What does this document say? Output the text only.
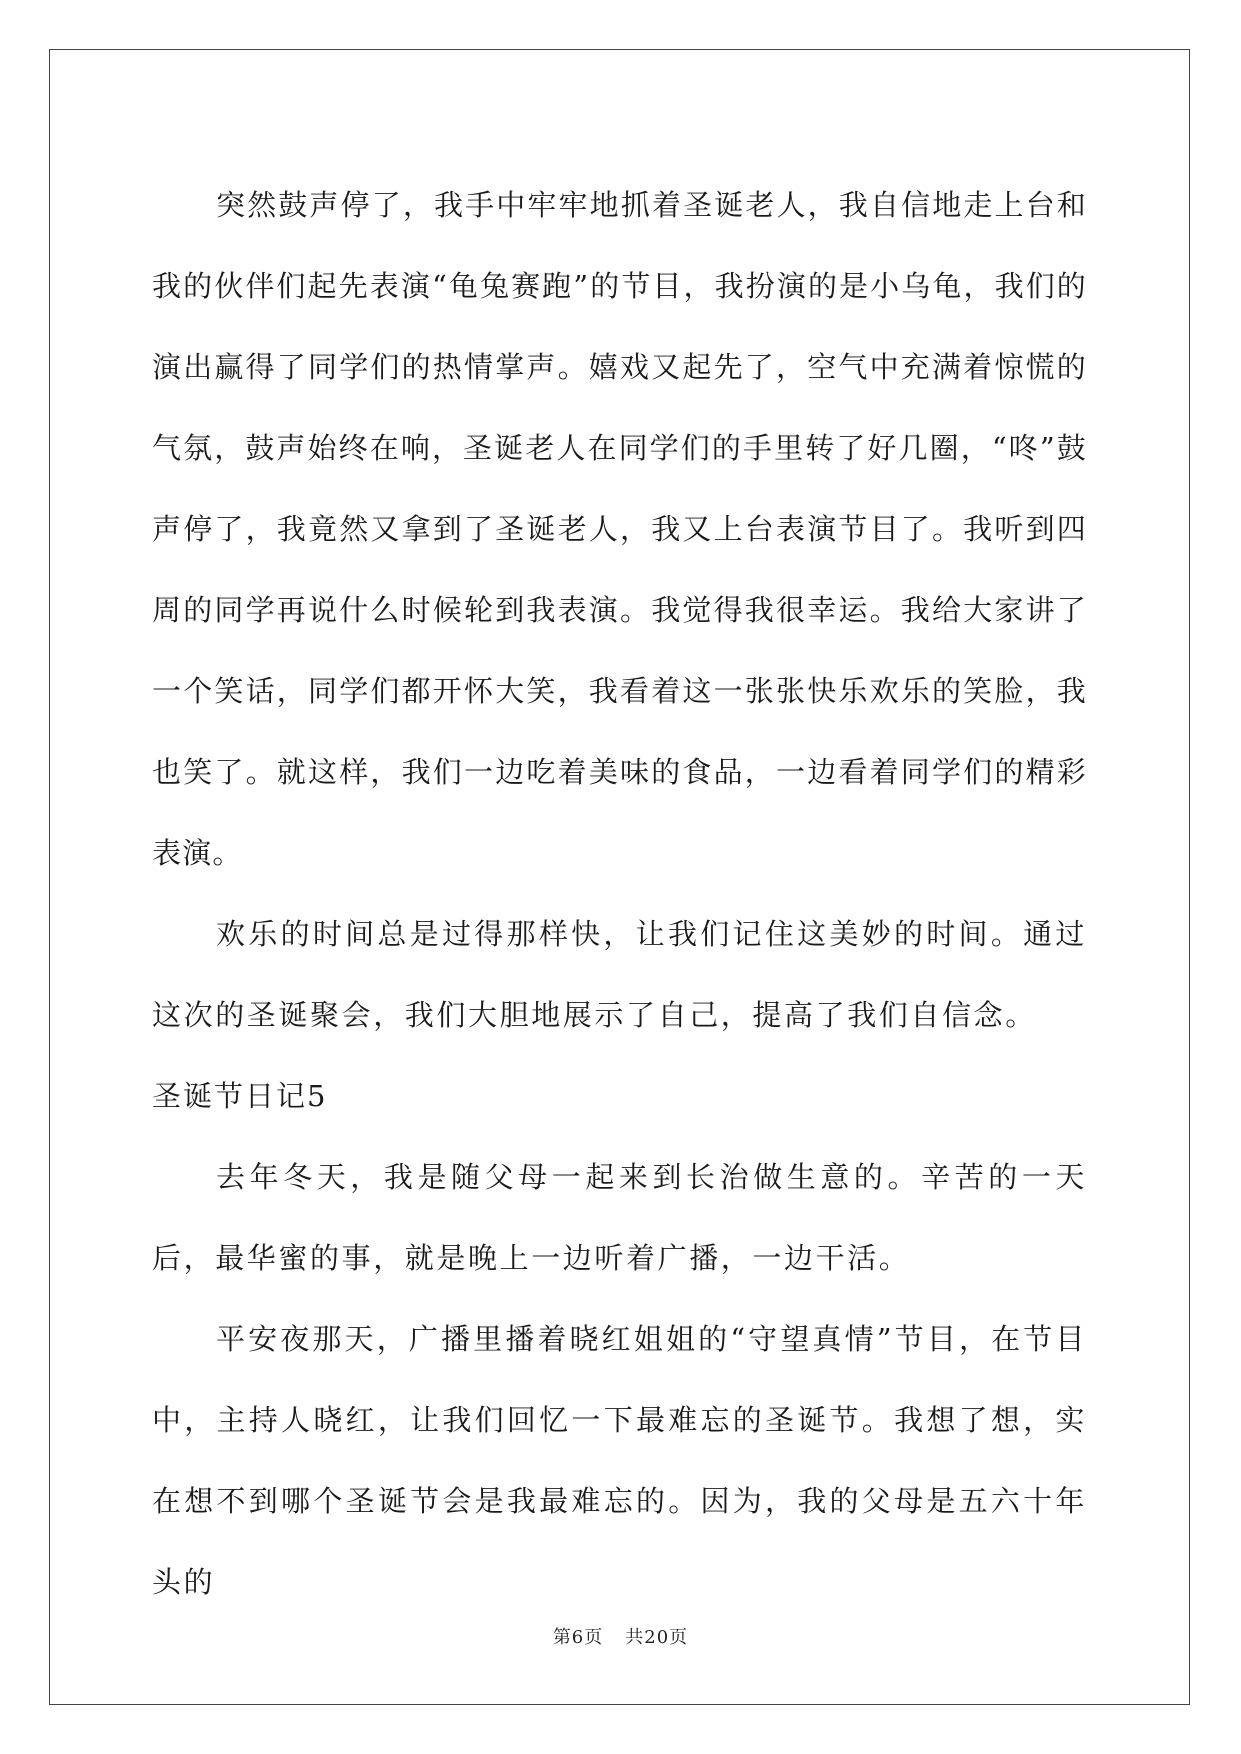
突然鼓声停了，我手中牢牢地抓着圣诞老人，我自信地走上台和我的伙伴们起先表演“龟兔赛跑”的节目，我扮演的是小乌龟，我们的演出赢得了同学们的热情掌声。嬉戏又起先了，空气中充满着惊慌的气氛，鼓声始终在响，圣诞老人在同学们的手里转了好几圈，“咚”鼓声停了，我竟然又拿到了圣诞老人，我又上台表演节目了。我听到四周的同学再说什么时候轮到我表演。我觉得我很幸运。我给大家讲了一个笑话，同学们都开怀大笑，我看着这一张张快乐欢乐的笑脸，我也笑了。就这样，我们一边吃着美味的食品，一边看着同学们的精彩表演。

欢乐的时间总是过得那样快，让我们记住这美妙的时间。通过这次的圣诞聚会，我们大胆地展示了自己，提高了我们自信念。

圣诞节日记5

去年冬天，我是随父母一起来到长治做生意的。辛苦的一天后，最华蜜的事，就是晚上一边听着广播，一边干活。

平安夜那天，广播里播着晓红姐姐的“守望真情”节目，在节目中，主持人晓红，让我们回忆一下最难忘的圣诞节。我想了想，实在想不到哪个圣诞节会是我最难忘的。因为，我的父母是五六十年头的

第6页 共20页
